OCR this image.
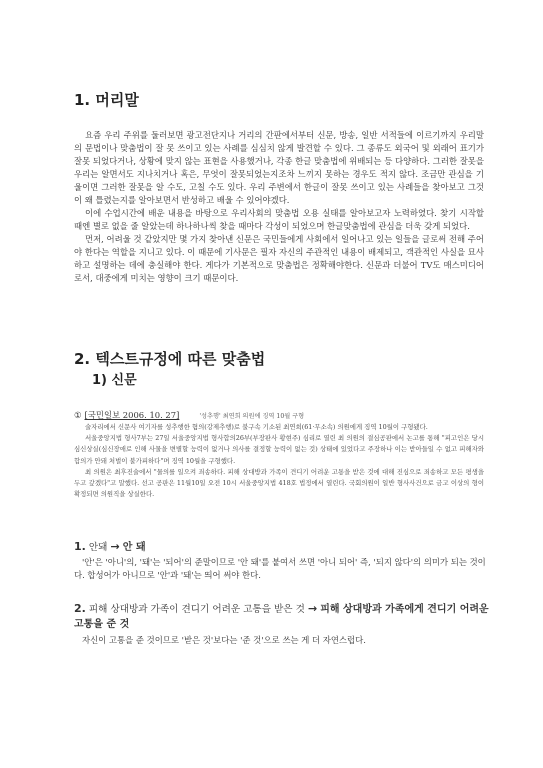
1. 머리말

요즘 우리 주위를 둘러보면 광고전단지나 거리의 간판에서부터 신문, 방송, 일반 서적들에 이르기까지 우리말의 문법이나 맞춤법이 잘 못 쓰이고 있는 사례를 심심치 않게 발견할 수 있다. 그 종류도 외국어 및 외래어 표기가 잘못 되었다거나, 상황에 맞지 않는 표현을 사용했거나, 각종 한글 맞춤법에 위배되는 등 다양하다. 그러한 잘못을 우리는 알면서도 지나치거나 혹은, 무엇이 잘못되었는지조차 느끼지 못하는 경우도 적지 않다. 조금만 관심을 기울이면 그러한 잘못을 알 수도, 고칠 수도 있다. 우리 주변에서 한글이 잘못 쓰이고 있는 사례들을 찾아보고 그것이 왜 틀렸는지를 알아보면서 반성하고 배울 수 있어야겠다.

이에 수업시간에 배운 내용을 바탕으로 우리사회의 맞춤법 오용 실태를 알아보고자 노력하였다. 찾기 시작할 때엔 별로 없을 줄 알았는데 하나하나씩 찾을 때마다 각성이 되었으며 한글맞춤법에 관심을 더욱 갖게 되었다.

먼저, 어려울 것 같았지만 몇 가지 찾아낸 신문은 국민들에게 사회에서 일어나고 있는 일들을 글로써 전해 주어야 한다는 역할을 지니고 있다. 이 때문에 기사문은 필자 자신의 주관적인 내용이 배제되고, 객관적인 사실을 묘사하고 설명하는 데에 충실해야 한다. 게다가 기본적으로 맞춤법은 정확해야한다. 신문과 더불어 TV도 매스미디어로서, 대중에게 미치는 영향이 크기 때문이다.

2. 텍스트규정에 따른 맞춤법
1) 신문
① [국민일보 2006. 10. 27]	'성추행' 최연희 의원에 징역 10월 구형

술자리에서 신문사 여기자를 성추행한 혐의(강제추행)로 불구속 기소된 최연희(61·무소속) 의원에게 징역 10월이 구형됐다.

서울중앙지법 형사7부는 27일 서울중앙지법 형사합의26부(부장판사 황현주) 심리로 열린 최 의원의 결심공판에서 논고를 통해 "피고인은 당시 심신상실(심신장애로 인해 사물을 변별할 능력이 없거나 의사를 결정할 능력이 없는 것) 상태에 있었다고 주장하나 이는 받아들일 수 없고 피해자와 합의가 안돼 처벌이 불가피하다"며 징역 10월을 구형했다.

최 의원은 최후진술에서 "물의를 일으켜 죄송하다. 피해 상대방과 가족이 견디기 어려운 고통을 받은 것에 대해 진심으로 죄송하고 모든 평생을 두고 갚겠다"고 말했다. 선고 공판은 11월10일 오전 10시 서울중앙지법 418호 법정에서 열린다. 국회의원이 일반 형사사건으로 금고 이상의 형이 확정되면 의원직을 상실한다.

1. 안돼 → 안 돼

'안'은 '아니'의, '돼'는 '되어'의 준말이므로 '안 돼'를 붙여서 쓰면 '아니 되어' 즉, '되지 않다'의 의미가 되는 것이다. 합성어가 아니므로 '안'과 '돼'는 띄어 써야 한다.

2. 피해 상대방과 가족이 견디기 어려운 고통을 받은 것 → 피해 상대방과 가족에게 견디기 어려운 고통을 준 것

자신이 고통을 준 것이므로 '받은 것'보다는 '준 것'으로 쓰는 게 더 자연스럽다.
